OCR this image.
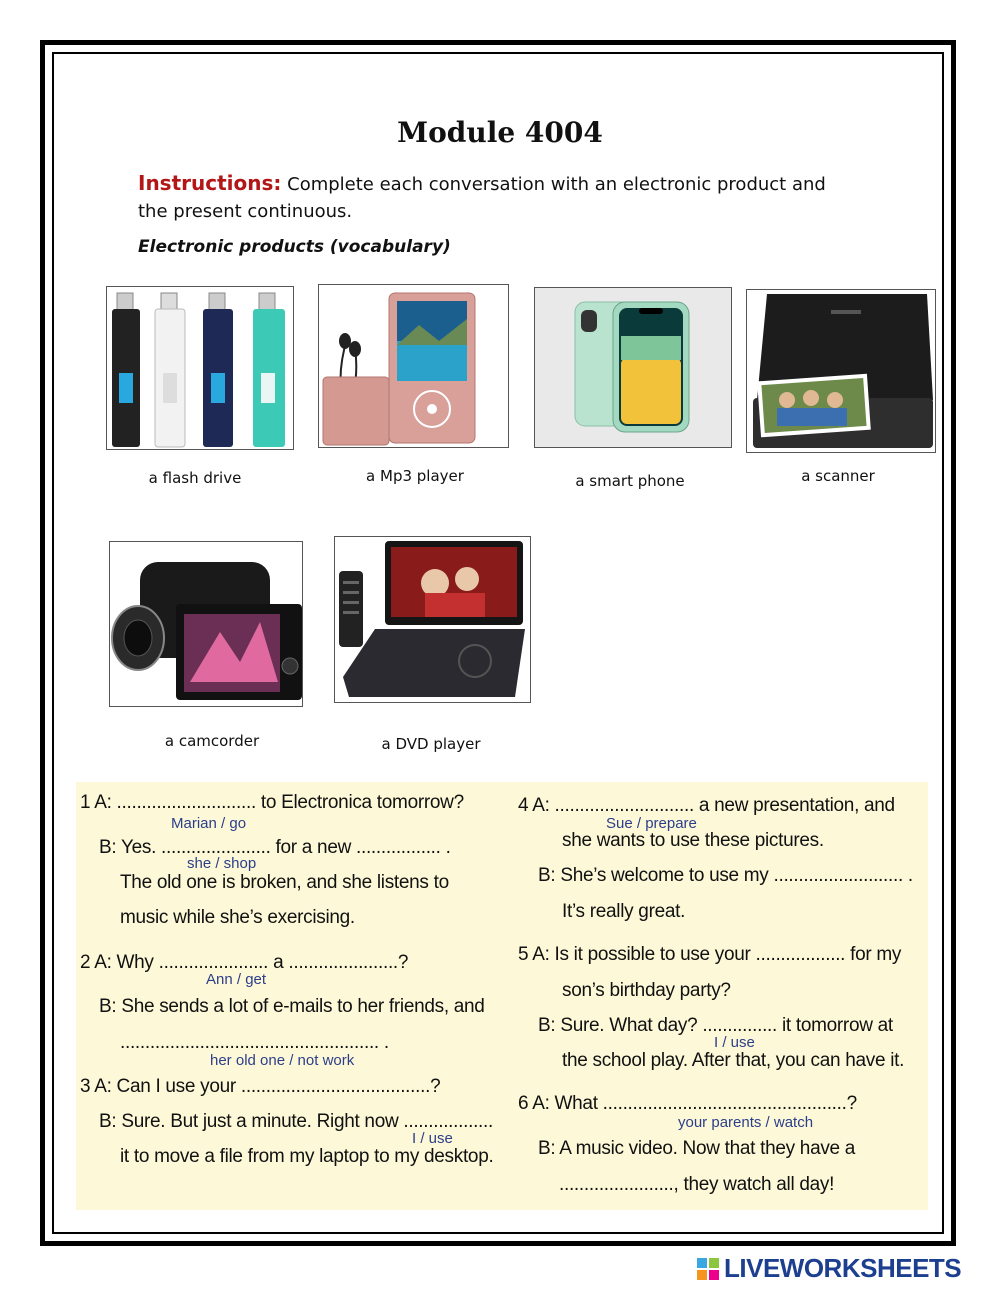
Module 4004
Instructions: Complete each conversation with an electronic product and the present continuous.
Electronic products (vocabulary)
a flash drive	a Mp3 player	a smart phone	a scanner
a camcorder	a DVD player
1 A: ............................ to Electronica tomorrow?
Marian / go
B: Yes. ...................... for a new ................. .
she / shop
The old one is broken, and she listens to
music while she’s exercising.
2 A: Why ...................... a ......................?
Ann / get
B: She sends a lot of e-mails to her friends, and
.................................................... .
her old one / not work
3 A: Can I use your ......................................?
B: Sure. But just a minute. Right now ..................
I / use
it to move a file from my laptop to my desktop.
4 A: ............................ a new presentation, and
Sue / prepare
she wants to use these pictures.
B: She’s welcome to use my .......................... .
It’s really great.
5 A: Is it possible to use your .................. for my
son’s birthday party?
B: Sure. What day? ............... it tomorrow at
I / use
the school play. After that, you can have it.
6 A: What .................................................?
your parents / watch
B: A music video. Now that they have a
......................., they watch all day!
LIVEWORKSHEETS
